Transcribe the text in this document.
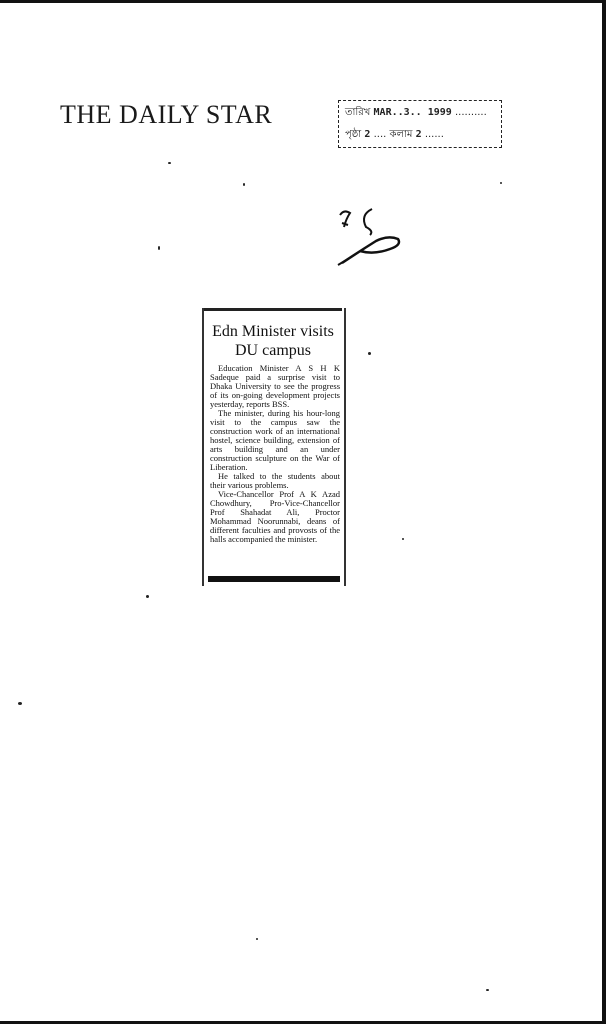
THE DAILY STAR	তারিখ MAR..3.. 1999 ..........
পৃষ্ঠা 2 .... কলাম 2 ......
Edn Minister visits DU campus

Education Minister A S H K Sadeque paid a surprise visit to Dhaka University to see the progress of its on-going development projects yesterday, reports BSS.

The minister, during his hour-long visit to the campus saw the construction work of an international hostel, science building, extension of arts building and an under construction sculpture on the War of Liberation.

He talked to the students about their various problems.

Vice-Chancellor Prof A K Azad Chowdhury, Pro-Vice-Chancellor Prof Shahadat Ali, Proctor Mohammad Noorunnabi, deans of different faculties and provosts of the halls accompanied the minister.
